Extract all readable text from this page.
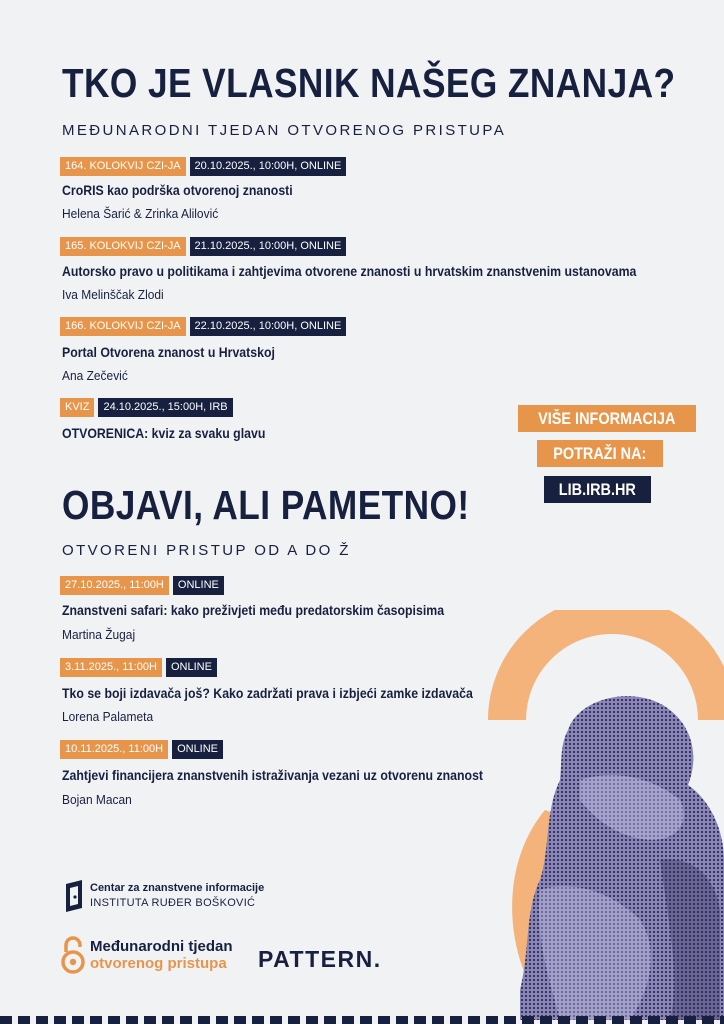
TKO JE VLASNIK NAŠEG ZNANJA?
MEĐUNARODNI TJEDAN OTVORENOG PRISTUPA
164. KOLOKVIJ CZI-JA	20.10.2025., 10:00H, ONLINE
CroRIS kao podrška otvorenoj znanosti
Helena Šarić & Zrinka Alilović
165. KOLOKVIJ CZI-JA	21.10.2025., 10:00H, ONLINE
Autorsko pravo u politikama i zahtjevima otvorene znanosti u hrvatskim znanstvenim ustanovama
Iva Melinščak Zlodi
166. KOLOKVIJ CZI-JA	22.10.2025., 10:00H, ONLINE
Portal Otvorena znanost u Hrvatskoj
Ana Zečević
KVIZ	24.10.2025., 15:00H, IRB
OTVORENICA: kviz za svaku glavu
VIŠE INFORMACIJA
POTRAŽI NA:
LIB.IRB.HR
OBJAVI, ALI PAMETNO!
OTVORENI PRISTUP OD A DO Ž
27.10.2025., 11:00H	ONLINE
Znanstveni safari: kako preživjeti među predatorskim časopisima
Martina Žugaj
3.11.2025., 11:00H	ONLINE
Tko se boji izdavača još? Kako zadržati prava i izbjeći zamke izdavača
Lorena Palameta
10.11.2025., 11:00H	ONLINE
Zahtjevi financijera znanstvenih istraživanja vezani uz otvorenu znanost
Bojan Macan
Centar za znanstvene informacije
INSTITUTA RUĐER BOŠKOVIĆ
Međunarodni tjedan
otvorenog pristupa PATTERN.
